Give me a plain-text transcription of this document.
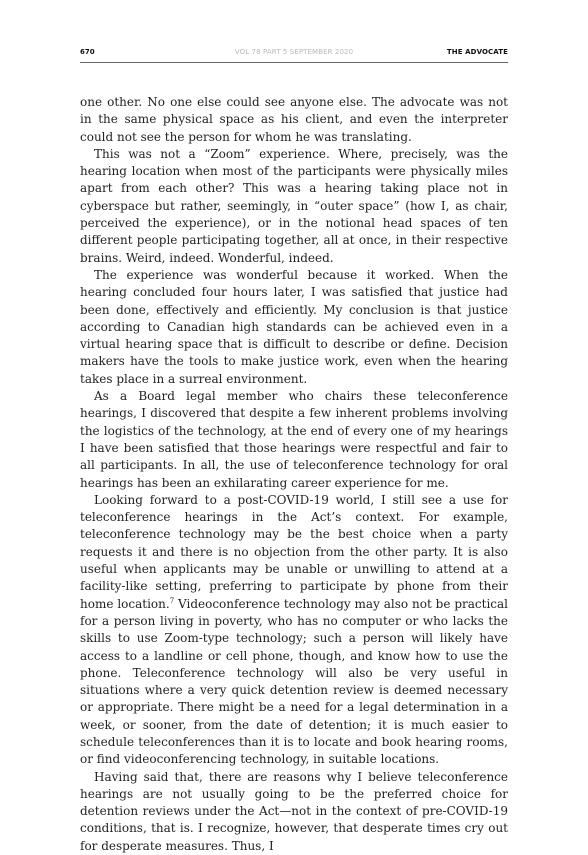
670	VOL 78 PART 5 SEPTEMBER 2020	THE ADVOCATE

one other. No one else could see anyone else. The advocate was not in the same physical space as his client, and even the interpreter could not see the person for whom he was translating.

This was not a “Zoom” experience. Where, precisely, was the hearing location when most of the participants were physically miles apart from each other? This was a hearing taking place not in cyberspace but rather, seemingly, in “outer space” (how I, as chair, perceived the experience), or in the notional head spaces of ten different people participating together, all at once, in their respective brains. Weird, indeed. Wonderful, indeed.

The experience was wonderful because it worked. When the hearing concluded four hours later, I was satisfied that justice had been done, effectively and efficiently. My conclusion is that justice according to Canadian high standards can be achieved even in a virtual hearing space that is difficult to describe or define. Decision makers have the tools to make justice work, even when the hearing takes place in a surreal environment.

As a Board legal member who chairs these teleconference hearings, I discovered that despite a few inherent problems involving the logistics of the technology, at the end of every one of my hearings I have been satisfied that those hearings were respectful and fair to all participants. In all, the use of teleconference technology for oral hearings has been an exhilarating career experience for me.

Looking forward to a post-COVID-19 world, I still see a use for teleconference hearings in the Act’s context. For example, teleconference technology may be the best choice when a party requests it and there is no objection from the other party. It is also useful when applicants may be unable or unwilling to attend at a facility-like setting, preferring to participate by phone from their home location.$^7$ Videoconference technology may also not be practical for a person living in poverty, who has no computer or who lacks the skills to use Zoom-type technology; such a person will likely have access to a landline or cell phone, though, and know how to use the phone. Teleconference technology will also be very useful in situations where a very quick detention review is deemed necessary or appropriate. There might be a need for a legal determination in a week, or sooner, from the date of detention; it is much easier to schedule teleconferences than it is to locate and book hearing rooms, or find videoconferencing technology, in suitable locations.

Having said that, there are reasons why I believe teleconference hearings are not usually going to be the preferred choice for detention reviews under the Act—not in the context of pre-COVID-19 conditions, that is. I recognize, however, that desperate times cry out for desperate measures. Thus, I
